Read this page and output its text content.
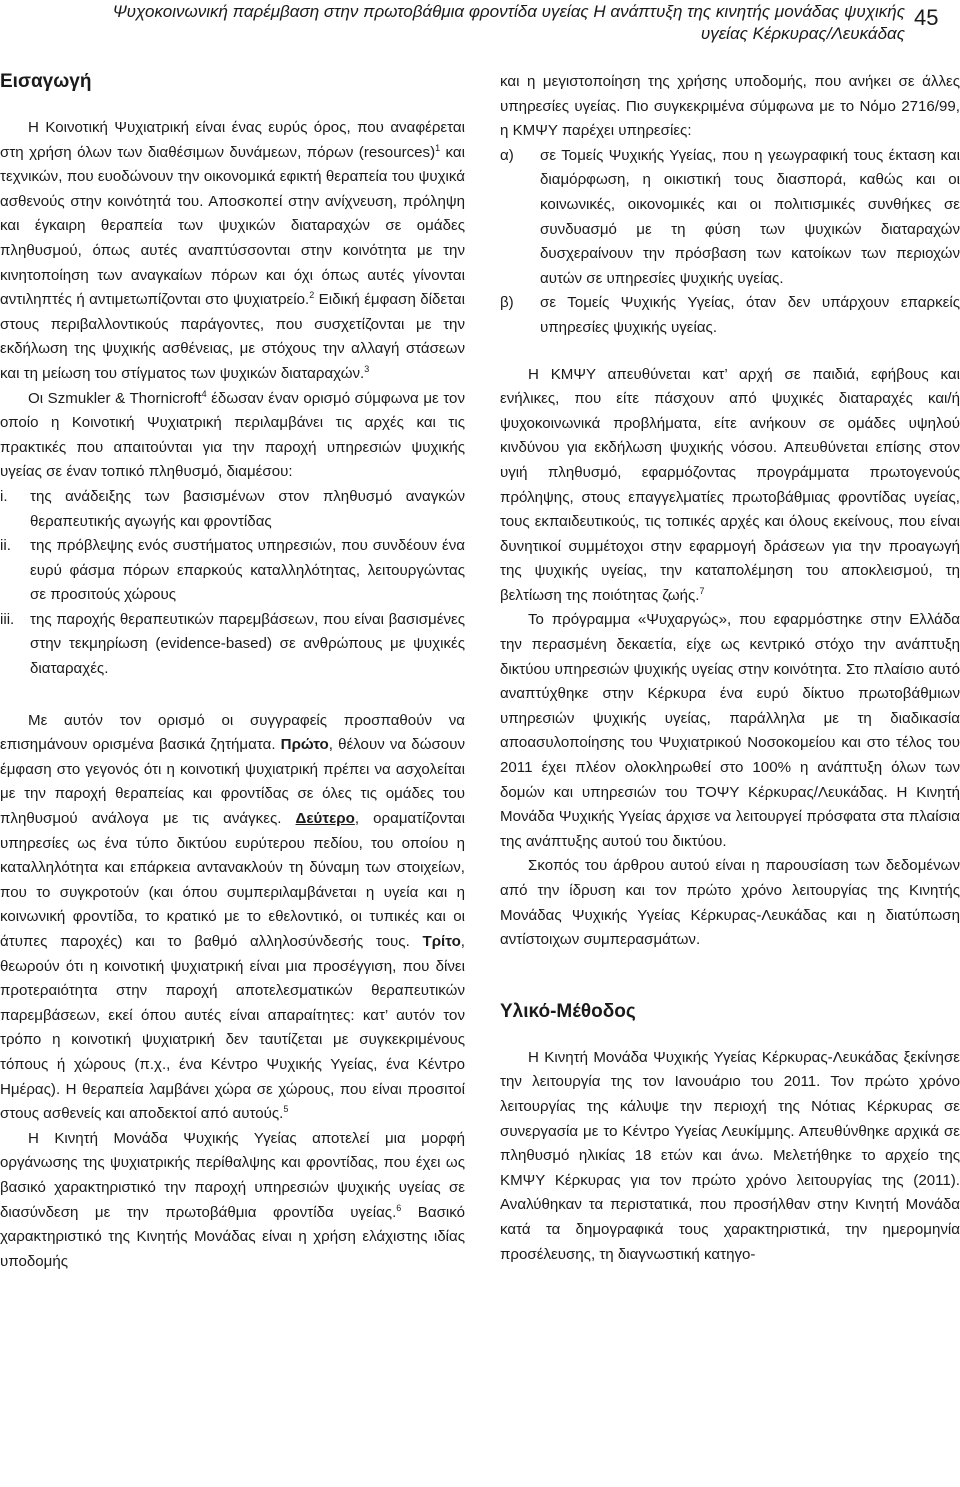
Ψυχοκοινωνική παρέμβαση στην πρωτοβάθμια φροντίδα υγείας Η ανάπτυξη της κινητής μονάδας ψυχικής
υγείας Κέρκυρας/Λευκάδας
45
Εισαγωγή

Η Κοινοτική Ψυχιατρική είναι ένας ευρύς όρος, που αναφέρεται στη χρήση όλων των διαθέσιμων δυνάμεων, πόρων (resources)$^1$ και τεχνικών, που ευοδώνουν την οικονομικά εφικτή θεραπεία του ψυχικά ασθενούς στην κοινότητά του. Αποσκοπεί στην ανίχνευση, πρόληψη και έγκαιρη θεραπεία των ψυχικών διαταραχών σε ομάδες πληθυσμού, όπως αυτές αναπτύσσονται στην κοινότητα με την κινητοποίηση των αναγκαίων πόρων και όχι όπως αυτές γίνονται αντιληπτές ή αντιμετωπίζονται στο ψυχιατρείο.$^2$ Ειδική έμφαση δίδεται στους περιβαλλοντικούς παράγοντες, που συσχετίζονται με την εκδήλωση της ψυχικής ασθένειας, με στόχους την αλλαγή στάσεων και τη μείωση του στίγματος των ψυχικών διαταραχών.$^3$

Οι Szmukler & Thornicroft$^4$ έδωσαν έναν ορισμό σύμφωνα με τον οποίο η Κοινοτική Ψυχιατρική περιλαμβάνει τις αρχές και τις πρακτικές που απαιτούνται για την παροχή υπηρεσιών ψυχικής υγείας σε έναν τοπικό πληθυσμό, διαμέσου:

i. της ανάδειξης των βασισμένων στον πληθυσμό αναγκών θεραπευτικής αγωγής και φροντίδας
ii. της πρόβλεψης ενός συστήματος υπηρεσιών, που συνδέουν ένα ευρύ φάσμα πόρων επαρκούς καταλληλότητας, λειτουργώντας σε προσιτούς χώρους
iii. της παροχής θεραπευτικών παρεμβάσεων, που είναι βασισμένες στην τεκμηρίωση (evidence-based) σε ανθρώπους με ψυχικές διαταραχές.

Με αυτόν τον ορισμό οι συγγραφείς προσπαθούν να επισημάνουν ορισμένα βασικά ζητήματα. Πρώτο, θέλουν να δώσουν έμφαση στο γεγονός ότι η κοινοτική ψυχιατρική πρέπει να ασχολείται με την παροχή θεραπείας και φροντίδας σε όλες τις ομάδες του πληθυσμού ανάλογα με τις ανάγκες. Δεύτερο, οραματίζονται υπηρεσίες ως ένα τύπο δικτύου ευρύτερου πεδίου, του οποίου η καταλληλότητα και επάρκεια αντανακλούν τη δύναμη των στοιχείων, που το συγκροτούν (και όπου συμπεριλαμβάνεται η υγεία και η κοινωνική φροντίδα, το κρατικό με το εθελοντικό, οι τυπικές και οι άτυπες παροχές) και το βαθμό αλληλοσύνδεσής τους. Τρίτο, θεωρούν ότι η κοινοτική ψυχιατρική είναι μια προσέγγιση, που δίνει προτεραιότητα στην παροχή αποτελεσματικών θεραπευτικών παρεμβάσεων, εκεί όπου αυτές είναι απαραίτητες: κατ’ αυτόν τον τρόπο η κοινοτική ψυχιατρική δεν ταυτίζεται με συγκεκριμένους τόπους ή χώρους (π.χ., ένα Κέντρο Ψυχικής Υγείας, ένα Κέντρο Ημέρας). Η θεραπεία λαμβάνει χώρα σε χώρους, που είναι προσιτοί στους ασθενείς και αποδεκτοί από αυτούς.$^5$

Η Κινητή Μονάδα Ψυχικής Υγείας αποτελεί μια μορφή οργάνωσης της ψυχιατρικής περίθαλψης και φροντίδας, που έχει ως βασικό χαρακτηριστικό την παροχή υπηρεσιών ψυχικής υγείας σε διασύνδεση με την πρωτοβάθμια φροντίδα υγείας.$^6$ Βασικό χαρακτηριστικό της Κινητής Μονάδας είναι η χρήση ελάχιστης ιδίας υποδομής

και η μεγιστοποίηση της χρήσης υποδομής, που ανήκει σε άλλες υπηρεσίες υγείας. Πιο συγκεκριμένα σύμφωνα με το Νόμο 2716/99, η ΚΜΨΥ παρέχει υπηρεσίες:

α) σε Τομείς Ψυχικής Υγείας, που η γεωγραφική τους έκταση και διαμόρφωση, η οικιστική τους διασπορά, καθώς και οι κοινωνικές, οικονομικές και οι πολιτισμικές συνθήκες σε συνδυασμό με τη φύση των ψυχικών διαταραχών δυσχεραίνουν την πρόσβαση των κατοίκων των περιοχών αυτών σε υπηρεσίες ψυχικής υγείας.
β) σε Τομείς Ψυχικής Υγείας, όταν δεν υπάρχουν επαρκείς υπηρεσίες ψυχικής υγείας.

Η ΚΜΨΥ απευθύνεται κατ’ αρχή σε παιδιά, εφήβους και ενήλικες, που είτε πάσχουν από ψυχικές διαταραχές και/ή ψυχοκοινωνικά προβλήματα, είτε ανήκουν σε ομάδες υψηλού κινδύνου για εκδήλωση ψυχικής νόσου. Απευθύνεται επίσης στον υγιή πληθυσμό, εφαρμόζοντας προγράμματα πρωτογενούς πρόληψης, στους επαγγελματίες πρωτοβάθμιας φροντίδας υγείας, τους εκπαιδευτικούς, τις τοπικές αρχές και όλους εκείνους, που είναι δυνητικοί συμμέτοχοι στην εφαρμογή δράσεων για την προαγωγή της ψυχικής υγείας, την καταπολέμηση του αποκλεισμού, τη βελτίωση της ποιότητας ζωής.$^7$

Το πρόγραμμα «Ψυχαργώς», που εφαρμόστηκε στην Ελλάδα την περασμένη δεκαετία, είχε ως κεντρικό στόχο την ανάπτυξη δικτύου υπηρεσιών ψυχικής υγείας στην κοινότητα. Στο πλαίσιο αυτό αναπτύχθηκε στην Κέρκυρα ένα ευρύ δίκτυο πρωτοβάθμιων υπηρεσιών ψυχικής υγείας, παράλληλα με τη διαδικασία αποασυλοποίησης του Ψυχιατρικού Νοσοκομείου και στο τέλος του 2011 έχει πλέον ολοκληρωθεί στο 100% η ανάπτυξη όλων των δομών και υπηρεσιών του ΤΟΨΥ Κέρκυρας/Λευκάδας. Η Κινητή Μονάδα Ψυχικής Υγείας άρχισε να λειτουργεί πρόσφατα στα πλαίσια της ανάπτυξης αυτού του δικτύου.

Σκοπός του άρθρου αυτού είναι η παρουσίαση των δεδομένων από την ίδρυση και τον πρώτο χρόνο λειτουργίας της Κινητής Μονάδας Ψυχικής Υγείας Κέρκυρας-Λευκάδας και η διατύπωση αντίστοιχων συμπερασμάτων.

Υλικό-Μέθοδος

Η Κινητή Μονάδα Ψυχικής Υγείας Κέρκυρας-Λευκάδας ξεκίνησε την λειτουργία της τον Ιανουάριο του 2011. Τον πρώτο χρόνο λειτουργίας της κάλυψε την περιοχή της Νότιας Κέρκυρας σε συνεργασία με το Κέντρο Υγείας Λευκίμμης. Απευθύνθηκε αρχικά σε πληθυσμό ηλικίας 18 ετών και άνω. Μελετήθηκε το αρχείο της ΚΜΨΥ Κέρκυρας για τον πρώτο χρόνο λειτουργίας της (2011). Αναλύθηκαν τα περιστατικά, που προσήλθαν στην Κινητή Μονάδα κατά τα δημογραφικά τους χαρακτηριστικά, την ημερομηνία προσέλευσης, τη διαγνωστική κατηγο-
